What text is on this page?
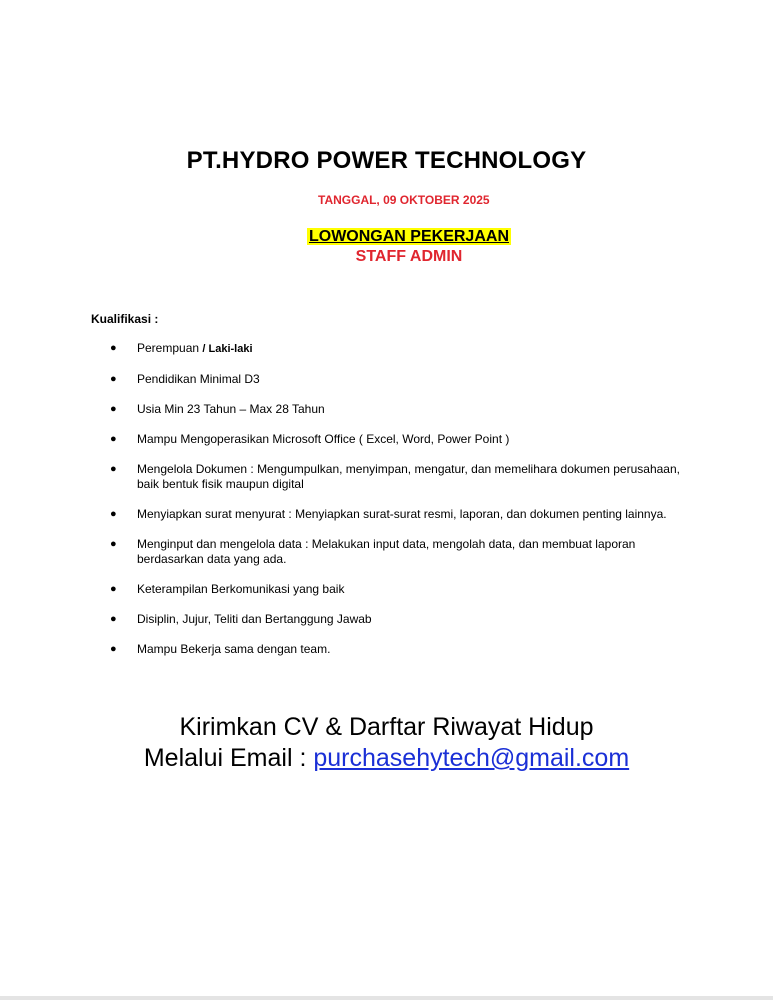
PT.HYDRO POWER TECHNOLOGY
TANGGAL, 09 OKTOBER 2025
LOWONGAN PEKERJAAN
STAFF ADMIN
Kualifikasi :
● Perempuan / Laki-laki
● Pendidikan Minimal D3
● Usia Min 23 Tahun – Max 28 Tahun
● Mampu Mengoperasikan Microsoft Office ( Excel, Word, Power Point )
● Mengelola Dokumen : Mengumpulkan, menyimpan, mengatur, dan memelihara dokumen perusahaan, baik bentuk fisik maupun digital
● Menyiapkan surat menyurat : Menyiapkan surat-surat resmi, laporan, dan dokumen penting lainnya.
● Menginput dan mengelola data : Melakukan input data, mengolah data, dan membuat laporan berdasarkan data yang ada.
● Keterampilan Berkomunikasi yang baik
● Disiplin, Jujur, Teliti dan Bertanggung Jawab
● Mampu Bekerja sama dengan team.
Kirimkan CV & Darftar Riwayat Hidup
Melalui Email : purchasehytech@gmail.com
